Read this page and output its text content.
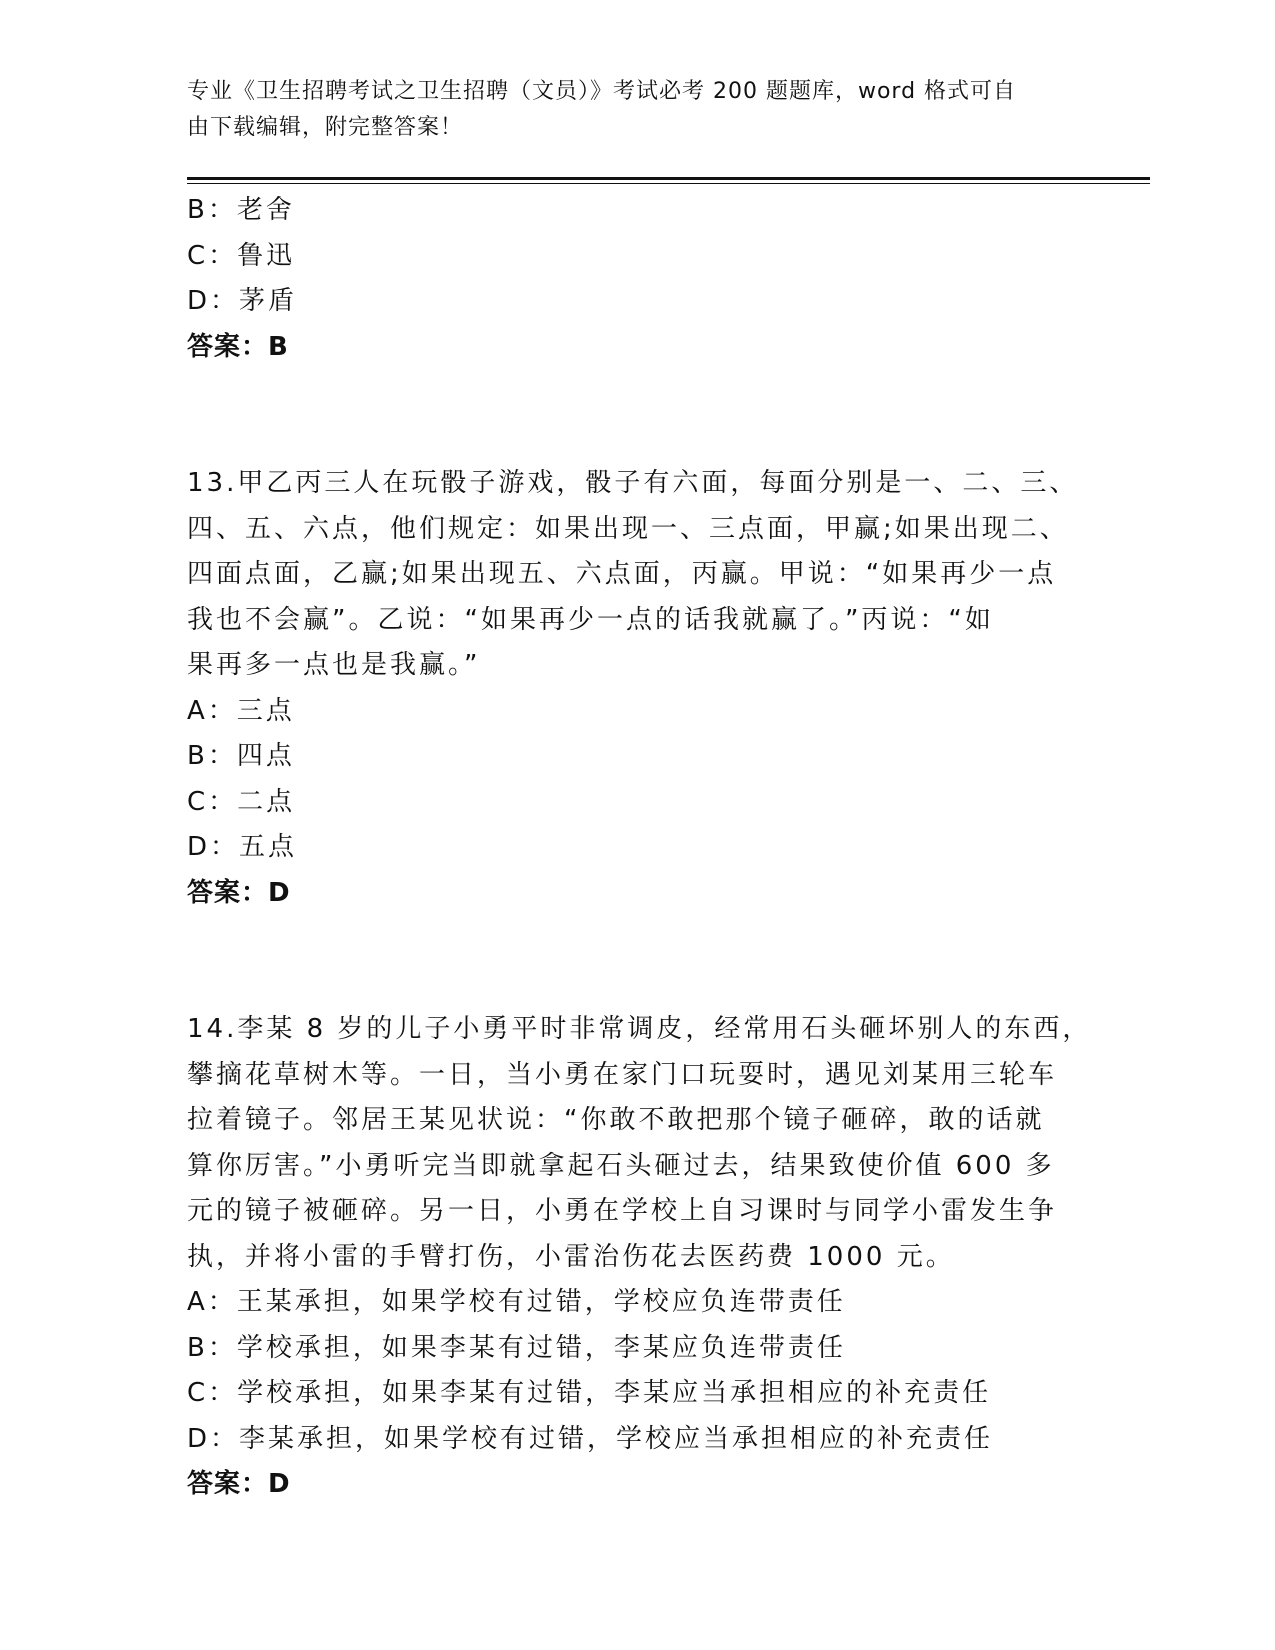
专业《卫生招聘考试之卫生招聘（文员）》考试必考 200 题题库，word 格式可自
由下载编辑，附完整答案！
B：老舍
C：鲁迅
D：茅盾
答案：B
13.甲乙丙三人在玩骰子游戏，骰子有六面，每面分别是一、二、三、
四、五、六点，他们规定：如果出现一、三点面，甲赢;如果出现二、
四面点面，乙赢;如果出现五、六点面，丙赢。甲说：“如果再少一点
我也不会赢”。乙说：“如果再少一点的话我就赢了。”丙说：“如
果再多一点也是我赢。”
A：三点
B：四点
C：二点
D：五点
答案：D
14.李某 8 岁的儿子小勇平时非常调皮，经常用石头砸坏别人的东西，
攀摘花草树木等。一日，当小勇在家门口玩耍时，遇见刘某用三轮车
拉着镜子。邻居王某见状说：“你敢不敢把那个镜子砸碎，敢的话就
算你厉害。”小勇听完当即就拿起石头砸过去，结果致使价值 600 多
元的镜子被砸碎。另一日，小勇在学校上自习课时与同学小雷发生争
执，并将小雷的手臂打伤，小雷治伤花去医药费 1000 元。
A：王某承担，如果学校有过错，学校应负连带责任
B：学校承担，如果李某有过错，李某应负连带责任
C：学校承担，如果李某有过错，李某应当承担相应的补充责任
D：李某承担，如果学校有过错，学校应当承担相应的补充责任
答案：D
